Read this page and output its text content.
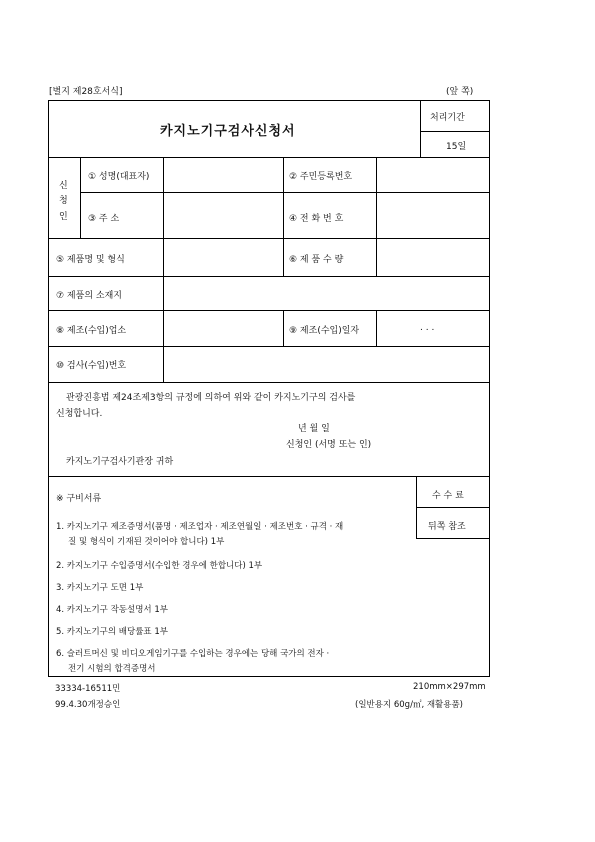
[별지 제28호서식]	(앞 쪽)
카지노기구검사신청서
처리기간
15일
신
청
인
① 성명(대표자)	② 주민등록번호
③ 주 소	④ 전 화 번 호
⑤ 제품명 및 형식	⑥ 제 품 수 량
⑦ 제품의 소재지
⑧ 제조(수입)업소	⑨ 제조(수입)일자	. . .
⑩ 검사(수입)번호
관광진흥법 제24조제3항의 규정에 의하여 위와 같이 카지노기구의 검사를
신청합니다.
년 월 일
신청인 (서명 또는 인)
카지노기구검사기관장 귀하
※ 구비서류	수 수 료
뒤쪽 참조
1. 카지노기구 제조증명서(품명 · 제조업자 · 제조연월일 · 제조번호 · 규격 · 재
질 및 형식이 기재된 것이어야 합니다) 1부
2. 카지노기구 수입증명서(수입한 경우에 한합니다) 1부
3. 카지노기구 도면 1부
4. 카지노기구 작동설명서 1부
5. 카지노기구의 배당률표 1부
6. 슬러트머신 및 비디오게임기구를 수입하는 경우에는 당해 국가의 전자 ·
전기 시험의 합격증명서
33334-16511민
99.4.30개정승인
210mm×297mm
(일반용지 60g/㎡, 재활용품)
